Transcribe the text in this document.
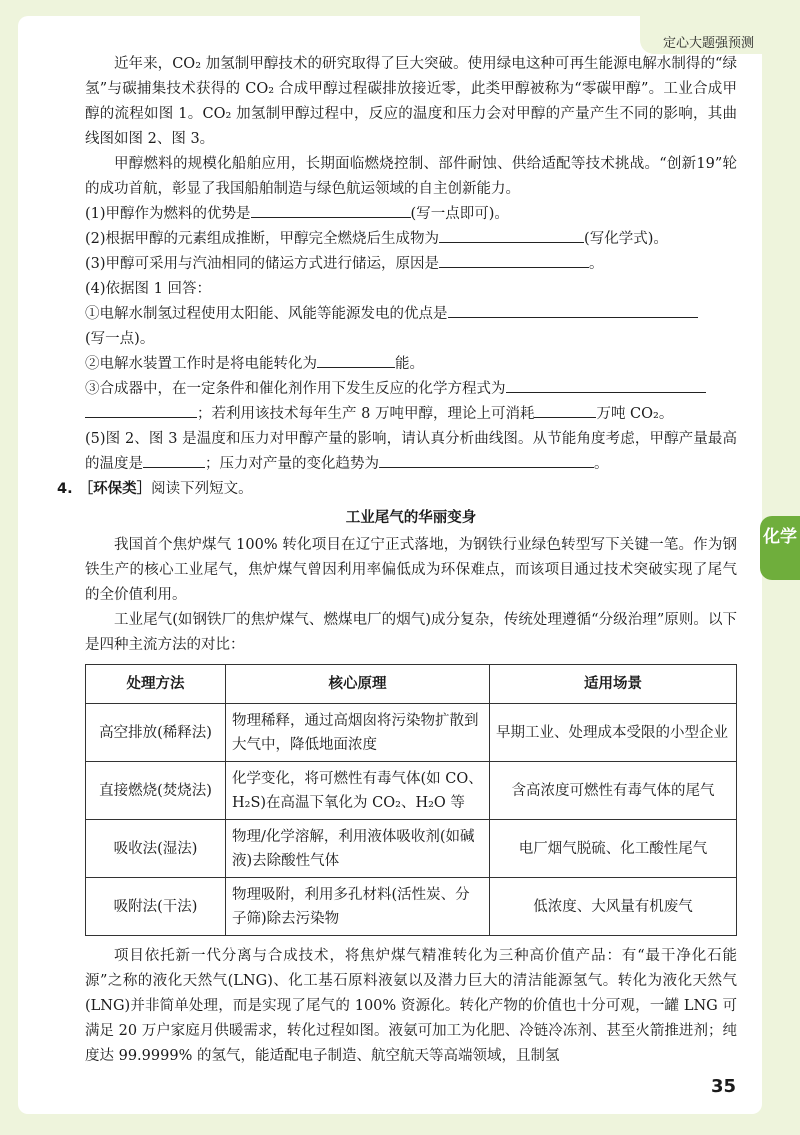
定心大题强预测
化学

近年来，CO₂ 加氢制甲醇技术的研究取得了巨大突破。使用绿电这种可再生能源电解水制得的“绿氢”与碳捕集技术获得的 CO₂ 合成甲醇过程碳排放接近零，此类甲醇被称为“零碳甲醇”。工业合成甲醇的流程如图 1。CO₂ 加氢制甲醇过程中，反应的温度和压力会对甲醇的产量产生不同的影响，其曲线图如图 2、图 3。

甲醇燃料的规模化船舶应用，长期面临燃烧控制、部件耐蚀、供给适配等技术挑战。“创新19”轮的成功首航，彰显了我国船舶制造与绿色航运领域的自主创新能力。

(1)甲醇作为燃料的优势是	(写一点即可)。

(2)根据甲醇的元素组成推断，甲醇完全燃烧后生成物为	(写化学式)。

(3)甲醇可采用与汽油相同的储运方式进行储运，原因是	。

(4)依据图 1 回答：

①电解水制氢过程使用太阳能、风能等能源发电的优点是
(写一点)。

②电解水装置工作时是将电能转化为	能。

③合成器中，在一定条件和催化剂作用下发生反应的化学方程式为
；若利用该技术每年生产 8 万吨甲醇，理论上可消耗	万吨 CO₂。

(5)图 2、图 3 是温度和压力对甲醇产量的影响，请认真分析曲线图。从节能角度考虑，甲醇产量最高的温度是	；压力对产量的变化趋势为	。

4. ［环保类］阅读下列短文。

工业尾气的华丽变身

我国首个焦炉煤气 100% 转化项目在辽宁正式落地，为钢铁行业绿色转型写下关键一笔。作为钢铁生产的核心工业尾气，焦炉煤气曾因利用率偏低成为环保难点，而该项目通过技术突破实现了尾气的全价值利用。

工业尾气(如钢铁厂的焦炉煤气、燃煤电厂的烟气)成分复杂，传统处理遵循“分级治理”原则。以下是四种主流方法的对比：

处理方法	核心原理	适用场景
高空排放(稀释法)	物理稀释，通过高烟囱将污染物扩散到大气中，降低地面浓度	早期工业、处理成本受限的小型企业
直接燃烧(焚烧法)	化学变化，将可燃性有毒气体(如 CO、H₂S)在高温下氧化为 CO₂、H₂O 等	含高浓度可燃性有毒气体的尾气
吸收法(湿法)	物理/化学溶解，利用液体吸收剂(如碱液)去除酸性气体	电厂烟气脱硫、化工酸性尾气
吸附法(干法)	物理吸附，利用多孔材料(活性炭、分子筛)除去污染物	低浓度、大风量有机废气

项目依托新一代分离与合成技术，将焦炉煤气精准转化为三种高价值产品：有“最干净化石能源”之称的液化天然气(LNG)、化工基石原料液氨以及潜力巨大的清洁能源氢气。转化为液化天然气(LNG)并非简单处理，而是实现了尾气的 100% 资源化。转化产物的价值也十分可观，一罐 LNG 可满足 20 万户家庭月供暖需求，转化过程如图。液氨可加工为化肥、冷链冷冻剂、甚至火箭推进剂；纯度达 99.9999% 的氢气，能适配电子制造、航空航天等高端领域，且制氢

35
